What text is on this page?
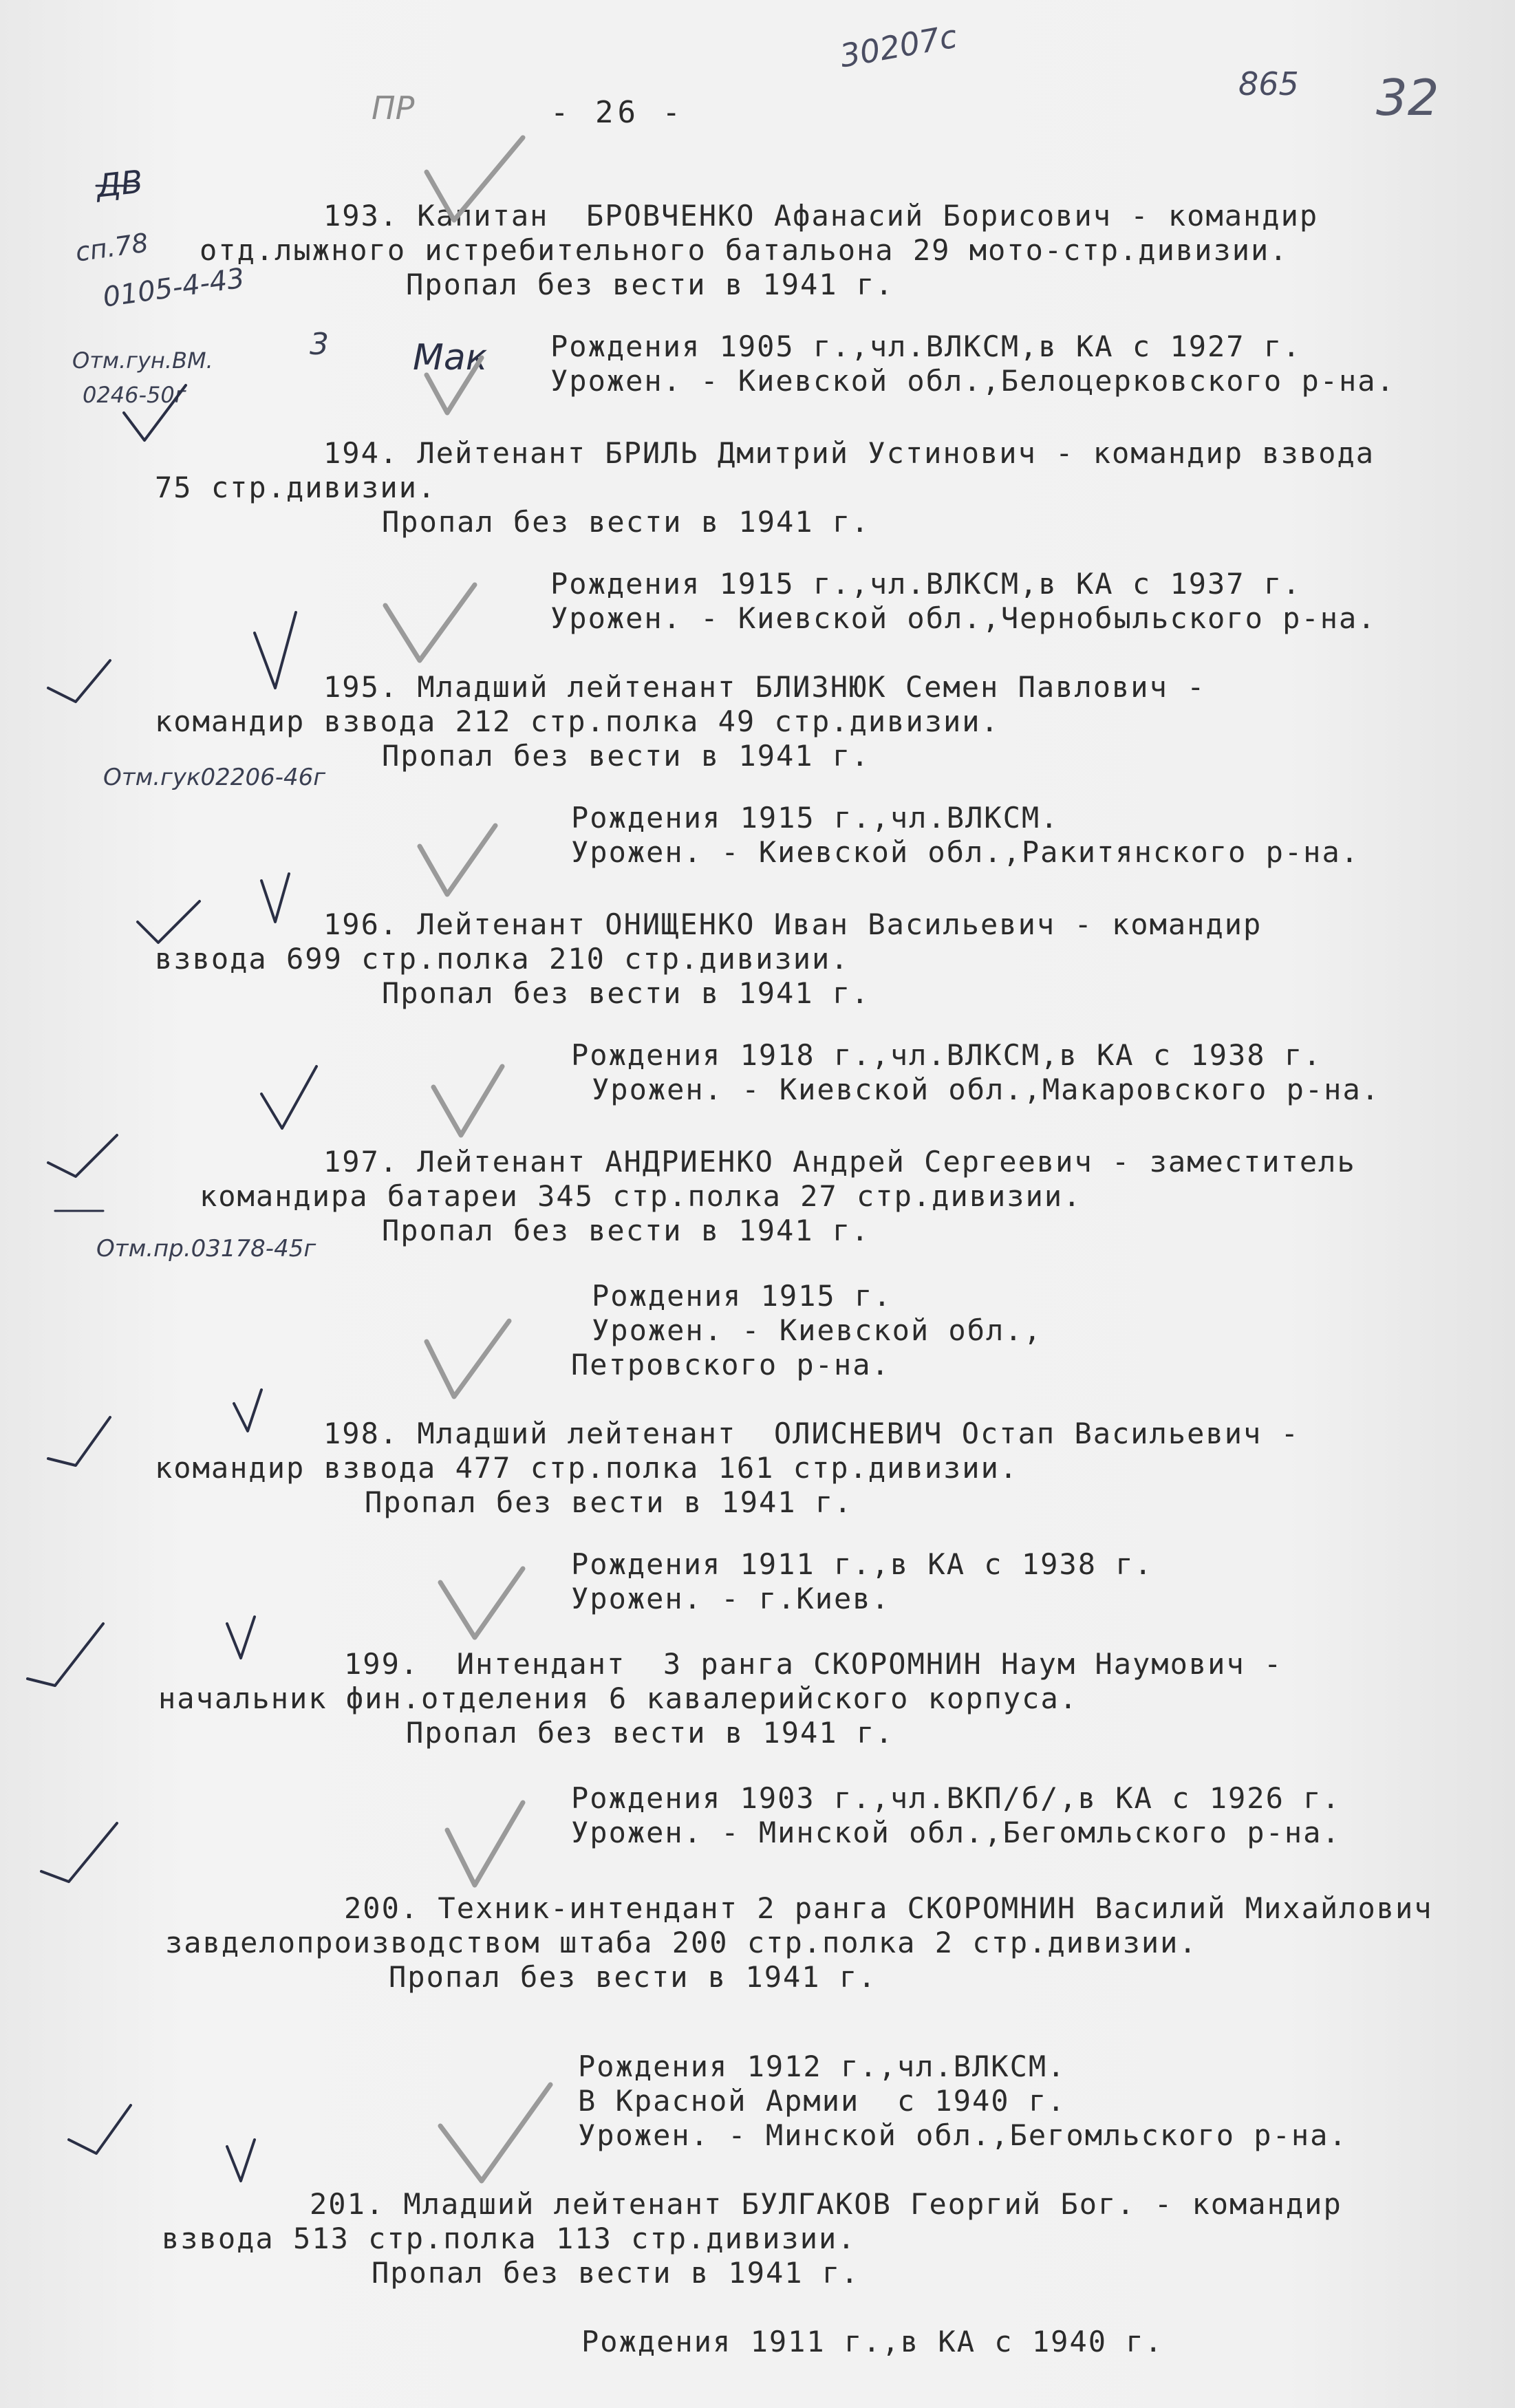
- 26 -
30207с
865 32
ДВ
ПР
сп.78
0105-4-43
Отм.гун.ВМ.
0246-50г
3 Мак
Отм.гук02206-46г
Отм.пр.03178-45г
193. Капитан  БРОВЧЕНКО Афанасий Борисович - командир
отд.лыжного истребительного батальона 29 мото-стр.дивизии.
Пропал без вести в 1941 г.
Рождения 1905 г.,чл.ВЛКСМ,в КА с 1927 г.
Урожен. - Киевской обл.,Белоцерковского р-на.
194. Лейтенант БРИЛЬ Дмитрий Устинович - командир взвода
75 стр.дивизии.
Пропал без вести в 1941 г.
Рождения 1915 г.,чл.ВЛКСМ,в КА с 1937 г.
Урожен. - Киевской обл.,Чернобыльского р-на.
195. Младший лейтенант БЛИЗНЮК Семен Павлович -
командир взвода 212 стр.полка 49 стр.дивизии.
Пропал без вести в 1941 г.
Рождения 1915 г.,чл.ВЛКСМ.
Урожен. - Киевской обл.,Ракитянского р-на.
196. Лейтенант ОНИЩЕНКО Иван Васильевич - командир
взвода 699 стр.полка 210 стр.дивизии.
Пропал без вести в 1941 г.
Рождения 1918 г.,чл.ВЛКСМ,в КА с 1938 г.
Урожен. - Киевской обл.,Макаровского р-на.
197. Лейтенант АНДРИЕНКО Андрей Сергеевич - заместитель
командира батареи 345 стр.полка 27 стр.дивизии.
Пропал без вести в 1941 г.
Рождения 1915 г.
Урожен. - Киевской обл.,
Петровского р-на.
198. Младший лейтенант  ОЛИСНЕВИЧ Остап Васильевич -
командир взвода 477 стр.полка 161 стр.дивизии.
Пропал без вести в 1941 г.
Рождения 1911 г.,в КА с 1938 г.
Урожен. - г.Киев.
199.  Интендант  3 ранга СКОРОМНИН Наум Наумович -
начальник фин.отделения 6 кавалерийского корпуса.
Пропал без вести в 1941 г.
Рождения 1903 г.,чл.ВКП/б/,в КА с 1926 г.
Урожен. - Минской обл.,Бегомльского р-на.
200. Техник-интендант 2 ранга СКОРОМНИН Василий Михайлович
завделопроизводством штаба 200 стр.полка 2 стр.дивизии.
Пропал без вести в 1941 г.
Рождения 1912 г.,чл.ВЛКСМ.
В Красной Армии  с 1940 г.
Урожен. - Минской обл.,Бегомльского р-на.
201. Младший лейтенант БУЛГАКОВ Георгий Бог. - командир
взвода 513 стр.полка 113 стр.дивизии.
Пропал без вести в 1941 г.
Рождения 1911 г.,в КА с 1940 г.
